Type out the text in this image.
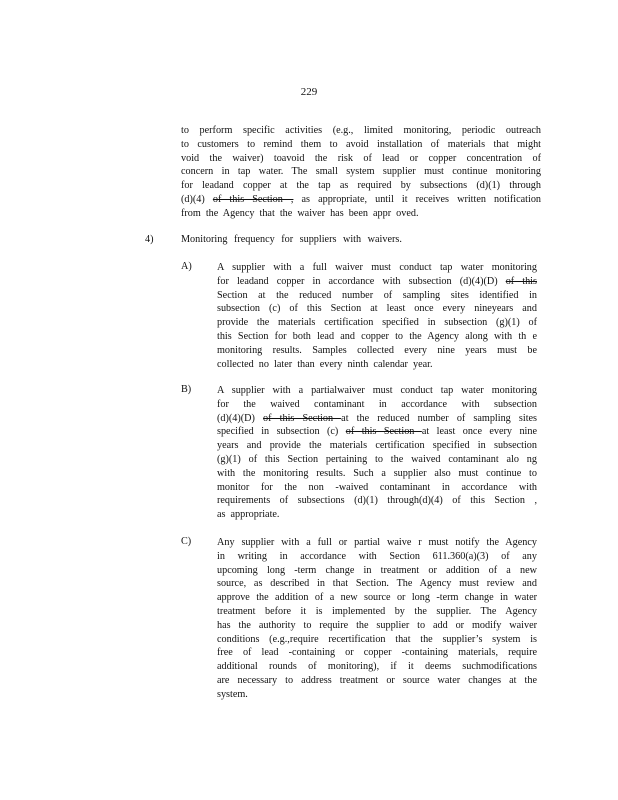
229
to perform specific activities (e.g., limited monitoring, periodic outreach
to customers to remind them to avoid installation of materials that might
void the waiver) toavoid the risk of lead or copper concentration of
concern in tap water. The small system supplier must continue monitoring
for leadand copper at the tap as required by subsections (d)(1) through
(d)(4) of this Section , as appropriate, until it receives written notification
from the Agency that the waiver has been appr oved.
4)	Monitoring frequency for suppliers with waivers.
A) A supplier with a full waiver must conduct tap water monitoring
for leadand copper in accordance with subsection (d)(4)(D) of this
Section at the reduced number of sampling sites identified in
subsection (c) of this Section at least once every nineyears and
provide the materials certification specified in subsection (g)(1) of
this Section for both lead and copper to the Agency along with th e
monitoring results. Samples collected every nine years must be
collected no later than every ninth calendar year.
B)	A supplier with a partialwaiver must conduct tap water monitoring
for the waived contaminant in accordance with subsection
(d)(4)(D) of this Section at the reduced number of sampling sites
specified in subsection (c) of this Section at least once every nine
years and provide the materials certification specified in subsection
(g)(1) of this Section pertaining to the waived contaminant alo ng
with the monitoring results. Such a supplier also must continue to
monitor for the non -waived contaminant in accordance with
requirements of subsections (d)(1) through(d)(4) of this Section ,
as appropriate.
C)	Any supplier with a full or partial waive r must notify the Agency
in writing in accordance with Section 611.360(a)(3) of any
upcoming long -term change in treatment or addition of a new
source, as described in that Section. The Agency must review and
approve the addition of a new source or long -term change in water
treatment before it is implemented by the supplier. The Agency
has the authority to require the supplier to add or modify waiver
conditions (e.g.,require recertification that the supplier’s system is
free of lead -containing or copper -containing materials, require
additional rounds of monitoring), if it deems suchmodifications
are necessary to address treatment or source water changes at the
system.
